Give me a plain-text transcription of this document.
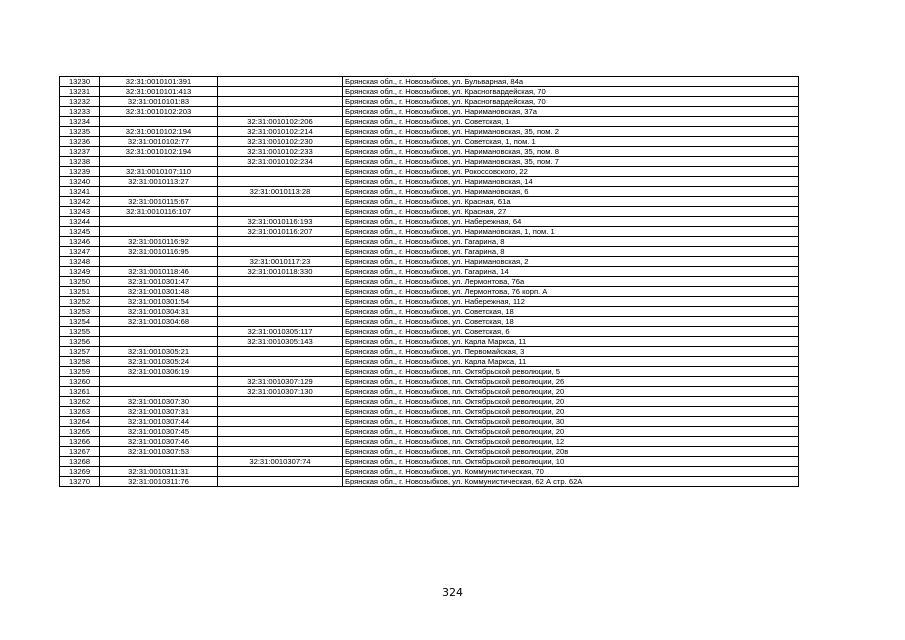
13230	32:31:0010101:391		Брянская обл., г. Новозыбков, ул. Бульварная, 84а
13231	32:31:0010101:413		Брянская обл., г. Новозыбков, ул. Красногвардейская, 70
13232	32:31:0010101:83		Брянская обл., г. Новозыбков, ул. Красногвардейская, 70
13233	32:31:0010102:203		Брянская обл., г. Новозыбков, ул. Наримановская, 37а
13234		32:31:0010102:206	Брянская обл., г. Новозыбков, ул. Советская, 1
13235	32:31:0010102:194	32:31:0010102:214	Брянская обл., г. Новозыбков, ул. Наримановская, 35, пом. 2
13236	32:31:0010102:77	32:31:0010102:230	Брянская обл., г. Новозыбков, ул. Советская, 1, пом. 1
13237	32:31:0010102:194	32:31:0010102:233	Брянская обл., г. Новозыбков, ул. Наримановская, 35, пом. 8
13238		32:31:0010102:234	Брянская обл., г. Новозыбков, ул. Наримановская, 35, пом. 7
13239	32:31:0010107:110		Брянская обл., г. Новозыбков, ул. Рокоссовского, 22
13240	32:31:0010113:27		Брянская обл., г. Новозыбков, ул. Наримановская, 14
13241		32:31:0010113:28	Брянская обл., г. Новозыбков, ул. Наримановская, 6
13242	32:31:0010115:67		Брянская обл., г. Новозыбков, ул. Красная, 61а
13243	32:31:0010116:107		Брянская обл., г. Новозыбков, ул. Красная, 27
13244		32:31:0010116:193	Брянская обл., г. Новозыбков, ул. Набережная, 64
13245		32:31:0010116:207	Брянская обл., г. Новозыбков, ул. Наримановская, 1, пом. 1
13246	32:31:0010116:92		Брянская обл., г. Новозыбков, ул. Гагарина, 8
13247	32:31:0010116:95		Брянская обл., г. Новозыбков, ул. Гагарина, 8
13248		32:31:0010117:23	Брянская обл., г. Новозыбков, ул. Наримановская, 2
13249	32:31:0010118:46	32:31:0010118:330	Брянская обл., г. Новозыбков, ул. Гагарина, 14
13250	32:31:0010301:47		Брянская обл., г. Новозыбков, ул. Лермонтова, 76а
13251	32:31:0010301:48		Брянская обл., г. Новозыбков, ул. Лермонтова, 76 корп. А
13252	32:31:0010301:54		Брянская обл., г. Новозыбков, ул. Набережная, 112
13253	32:31:0010304:31		Брянская обл., г. Новозыбков, ул. Советская, 18
13254	32:31:0010304:68		Брянская обл., г. Новозыбков, ул. Советская, 18
13255		32:31:0010305:117	Брянская обл., г. Новозыбков, ул. Советская, 6
13256		32:31:0010305:143	Брянская обл., г. Новозыбков, ул. Карла Маркса, 11
13257	32:31:0010305:21		Брянская обл., г. Новозыбков, ул. Первомайская, 3
13258	32:31:0010305:24		Брянская обл., г. Новозыбков, ул. Карла Маркса, 11
13259	32:31:0010306:19		Брянская обл., г. Новозыбков, пл. Октябрьской революции, 5
13260		32:31:0010307:129	Брянская обл., г. Новозыбков, пл. Октябрьской революции, 26
13261		32:31:0010307:130	Брянская обл., г. Новозыбков, пл. Октябрьской революции, 20
13262	32:31:0010307:30		Брянская обл., г. Новозыбков, пл. Октябрьской революции, 20
13263	32:31:0010307:31		Брянская обл., г. Новозыбков, пл. Октябрьской революции, 20
13264	32:31:0010307:44		Брянская обл., г. Новозыбков, пл. Октябрьской революции, 30
13265	32:31:0010307:45		Брянская обл., г. Новозыбков, пл. Октябрьской революции, 20
13266	32:31:0010307:46		Брянская обл., г. Новозыбков, пл. Октябрьской революции, 12
13267	32:31:0010307:53		Брянская обл., г. Новозыбков, пл. Октябрьской революции, 20в
13268		32:31:0010307:74	Брянская обл., г. Новозыбков, пл. Октябрьской революции, 10
13269	32:31:0010311:31		Брянская обл., г. Новозыбков, ул. Коммунистическая, 70
13270	32:31:0010311:76		Брянская обл., г. Новозыбков, ул. Коммунистическая, 62 А стр. 62А
324
